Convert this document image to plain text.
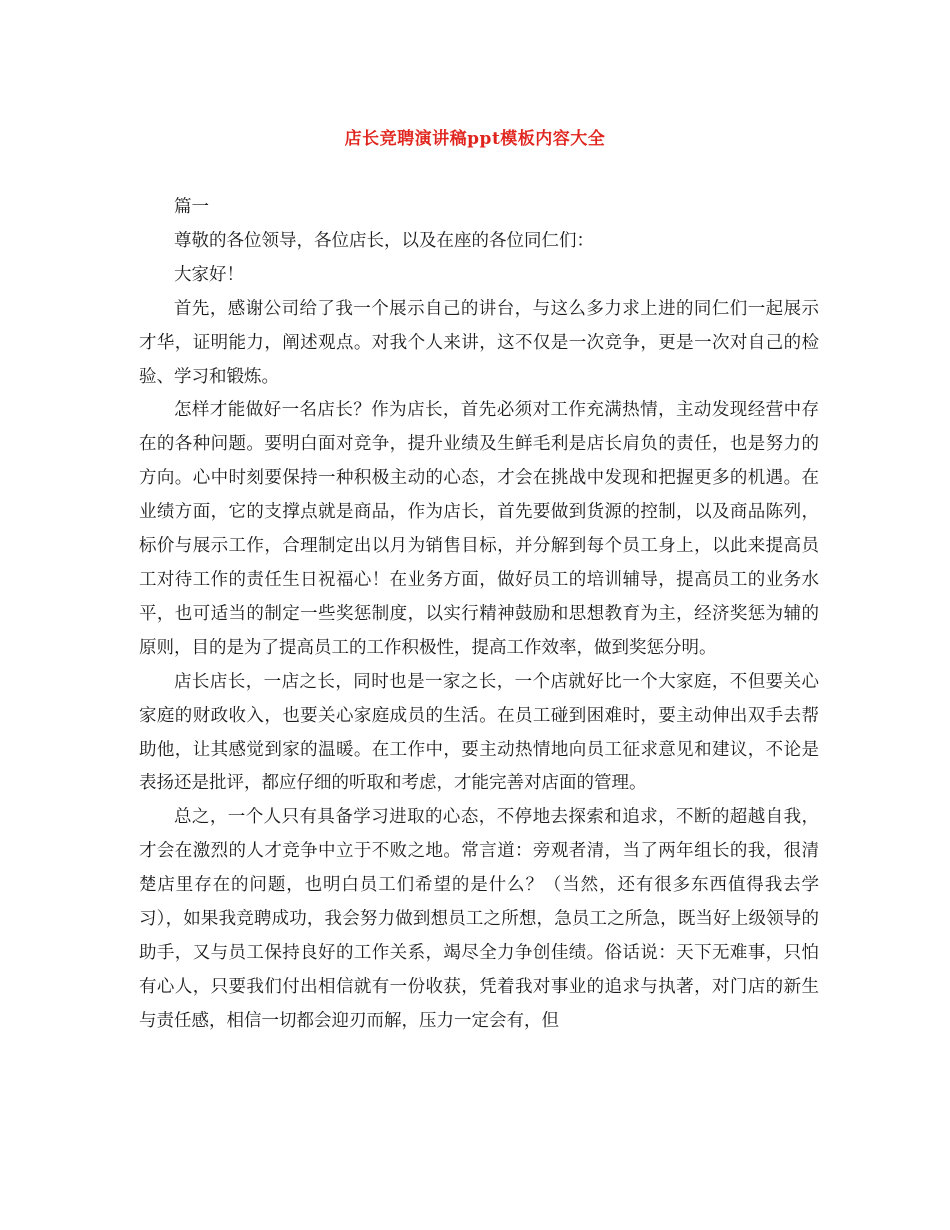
店长竞聘演讲稿ppt模板内容大全

篇一

尊敬的各位领导，各位店长，以及在座的各位同仁们：

大家好！

首先，感谢公司给了我一个展示自己的讲台，与这么多力求上进的同仁们一起展示才华，证明能力，阐述观点。对我个人来讲，这不仅是一次竞争，更是一次对自己的检验、学习和锻炼。

怎样才能做好一名店长？作为店长，首先必须对工作充满热情，主动发现经营中存在的各种问题。要明白面对竞争，提升业绩及生鲜毛利是店长肩负的责任，也是努力的方向。心中时刻要保持一种积极主动的心态，才会在挑战中发现和把握更多的机遇。在业绩方面，它的支撑点就是商品，作为店长，首先要做到货源的控制，以及商品陈列，标价与展示工作，合理制定出以月为销售目标，并分解到每个员工身上，以此来提高员工对待工作的责任生日祝福心！在业务方面，做好员工的培训辅导，提高员工的业务水平，也可适当的制定一些奖惩制度，以实行精神鼓励和思想教育为主，经济奖惩为辅的原则，目的是为了提高员工的工作积极性，提高工作效率，做到奖惩分明。

店长店长，一店之长，同时也是一家之长，一个店就好比一个大家庭，不但要关心家庭的财政收入，也要关心家庭成员的生活。在员工碰到困难时，要主动伸出双手去帮助他，让其感觉到家的温暖。在工作中，要主动热情地向员工征求意见和建议，不论是表扬还是批评，都应仔细的听取和考虑，才能完善对店面的管理。

总之，一个人只有具备学习进取的心态，不停地去探索和追求，不断的超越自我，才会在激烈的人才竞争中立于不败之地。常言道：旁观者清，当了两年组长的我，很清楚店里存在的问题，也明白员工们希望的是什么？（当然，还有很多东西值得我去学习），如果我竞聘成功，我会努力做到想员工之所想，急员工之所急，既当好上级领导的助手，又与员工保持良好的工作关系，竭尽全力争创佳绩。俗话说：天下无难事，只怕有心人，只要我们付出相信就有一份收获，凭着我对事业的追求与执著，对门店的新生与责任感，相信一切都会迎刃而解，压力一定会有，但
